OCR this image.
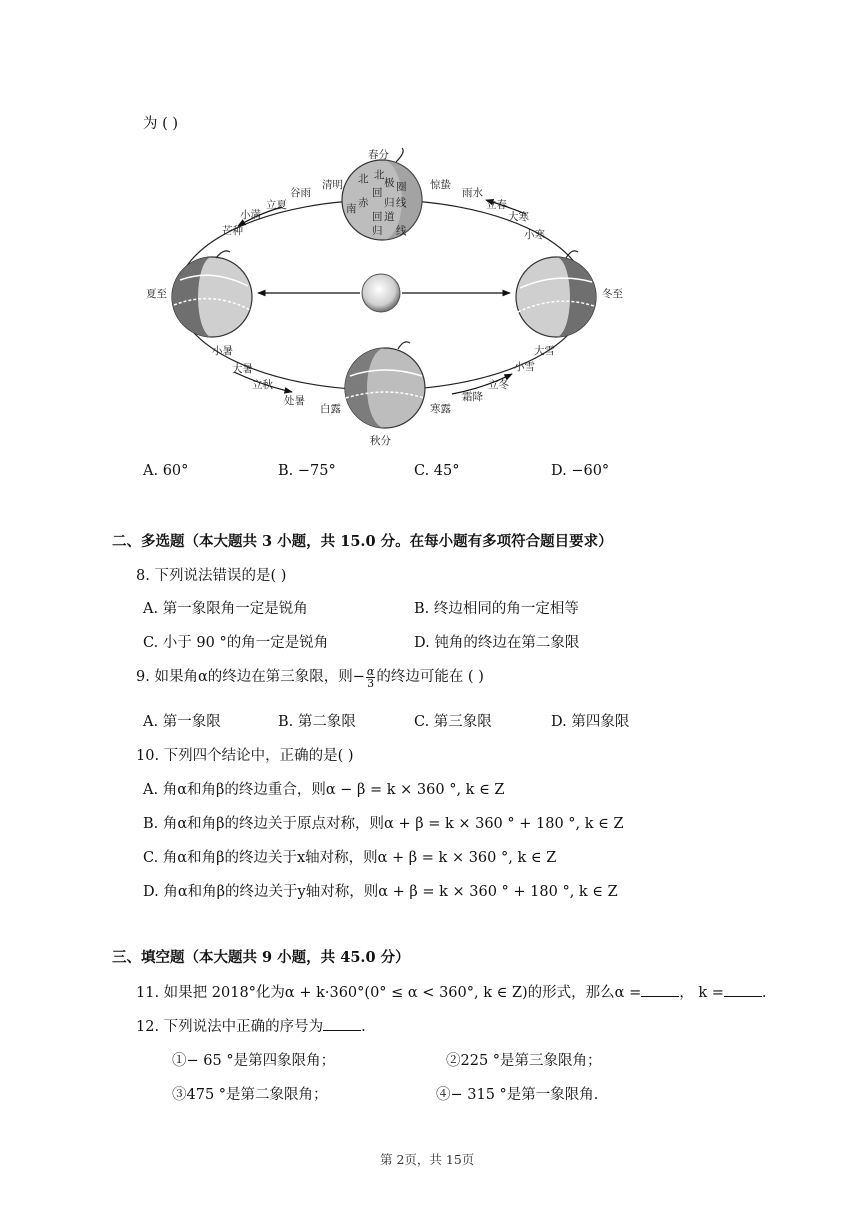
为 ( )
北 北
极 圈
回
归 线
赤
道
回
线
南
归
春分
秋分
夏至	冬至
清明
谷雨
立夏
小满
芒种
惊蛰
雨水
立春
大寒
小寒
小暑
大暑
立秋
处暑
白露
大雪
小雪
立冬
霜降
寒露
A. 60°	B. −75°	C. 45°	D. −60°
二、多选题（本大题共 3 小题，共 15.0 分。在每小题有多项符合题目要求）
8. 下列说法错误的是( )
A. 第一象限角一定是锐角	B. 终边相同的角一定相等
C. 小于 90 °的角一定是锐角	D. 钝角的终边在第二象限
9. 如果角α的终边在第三象限，则− $\frac{\alpha}{3}$ 的终边可能在 ( )
A. 第一象限	B. 第二象限	C. 第三象限	D. 第四象限
10. 下列四个结论中，正确的是( )
A. 角α和角β的终边重合，则α − β = k × 360 °, k ∈ Z
B. 角α和角β的终边关于原点对称，则α + β = k × 360 ° + 180 °, k ∈ Z
C. 角α和角β的终边关于x轴对称，则α + β = k × 360 °, k ∈ Z
D. 角α和角β的终边关于y轴对称，则α + β = k × 360 ° + 180 °, k ∈ Z
三、填空题（本大题共 9 小题，共 45.0 分）
11. 如果把 2018°化为α + k·360°(0° ≤ α < 360°, k ∈ Z)的形式，那么α =	， k =	.
12. 下列说法中正确的序号为	.
①− 65 °是第四象限角；	②225 °是第三象限角；
③475 °是第二象限角；	④− 315 °是第一象限角.
第 2页，共 15页
